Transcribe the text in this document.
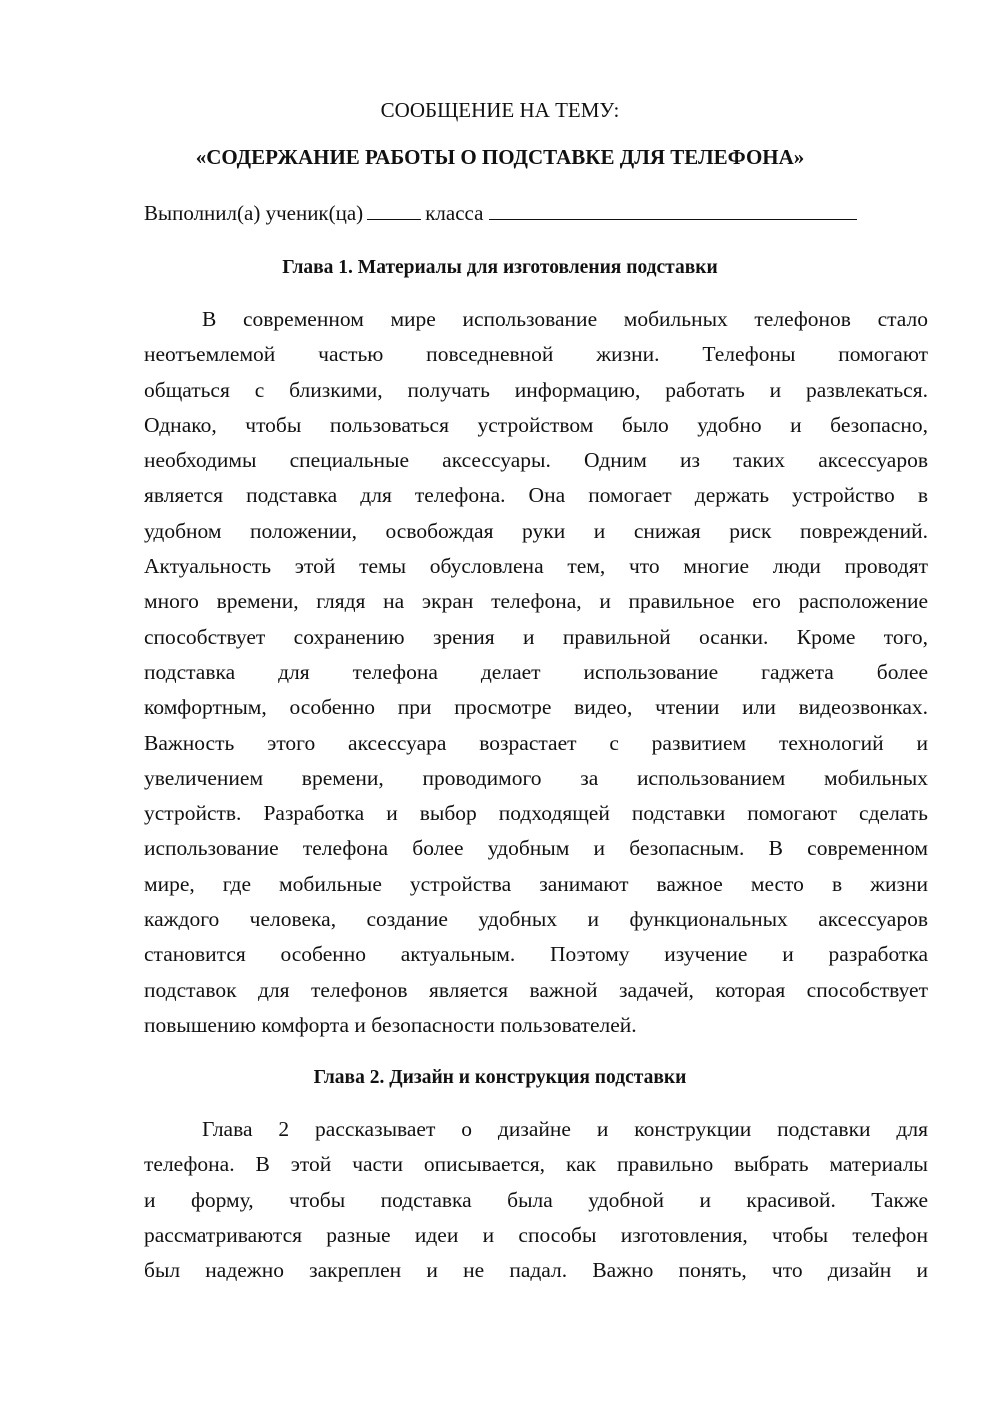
СООБЩЕНИЕ НА ТЕМУ:
«СОДЕРЖАНИЕ РАБОТЫ О ПОДСТАВКЕ ДЛЯ ТЕЛЕФОНА»
Выполнил(а) ученик(ца)	класса
Глава 1. Материалы для изготовления подставки
В современном мире использование мобильных телефонов стало
неотъемлемой частью повседневной жизни. Телефоны помогают
общаться с близкими, получать информацию, работать и развлекаться.
Однако, чтобы пользоваться устройством было удобно и безопасно,
необходимы специальные аксессуары. Одним из таких аксессуаров
является подставка для телефона. Она помогает держать устройство в
удобном положении, освобождая руки и снижая риск повреждений.
Актуальность этой темы обусловлена тем, что многие люди проводят
много времени, глядя на экран телефона, и правильное его расположение
способствует сохранению зрения и правильной осанки. Кроме того,
подставка для телефона делает использование гаджета более
комфортным, особенно при просмотре видео, чтении или видеозвонках.
Важность этого аксессуара возрастает с развитием технологий и
увеличением времени, проводимого за использованием мобильных
устройств. Разработка и выбор подходящей подставки помогают сделать
использование телефона более удобным и безопасным. В современном
мире, где мобильные устройства занимают важное место в жизни
каждого человека, создание удобных и функциональных аксессуаров
становится особенно актуальным. Поэтому изучение и разработка
подставок для телефонов является важной задачей, которая способствует
повышению комфорта и безопасности пользователей.
Глава 2. Дизайн и конструкция подставки
Глава 2 рассказывает о дизайне и конструкции подставки для
телефона. В этой части описывается, как правильно выбрать материалы
и форму, чтобы подставка была удобной и красивой. Также
рассматриваются разные идеи и способы изготовления, чтобы телефон
был надежно закреплен и не падал. Важно понять, что дизайн и
